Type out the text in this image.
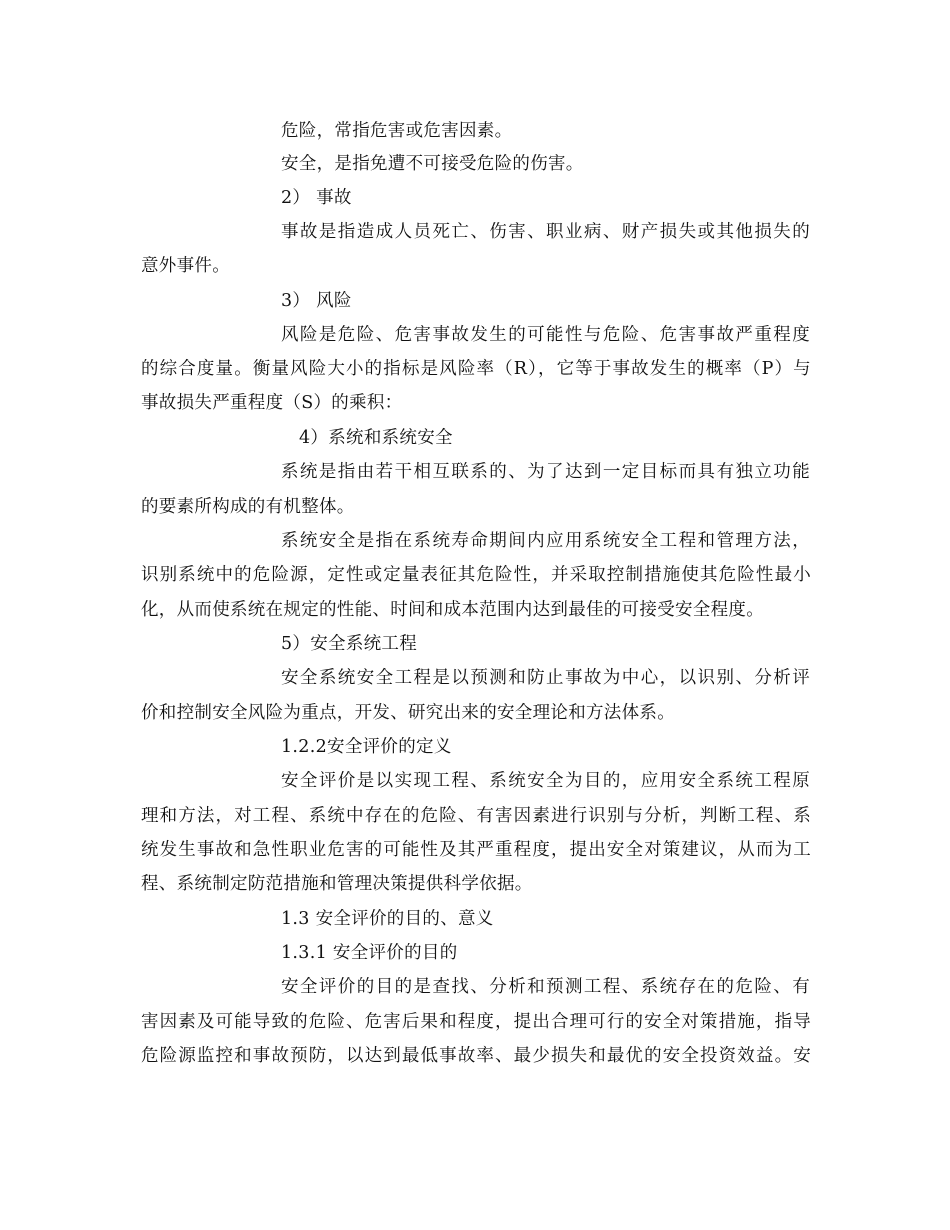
危险，常指危害或危害因素。
安全，是指免遭不可接受危险的伤害。
2） 事故
事故是指造成人员死亡、伤害、职业病、财产损失或其他损失的
意外事件。
3） 风险
风险是危险、危害事故发生的可能性与危险、危害事故严重程度
的综合度量。衡量风险大小的指标是风险率（R），它等于事故发生的概率（P）与
事故损失严重程度（S）的乘积：
4）系统和系统安全
系统是指由若干相互联系的、为了达到一定目标而具有独立功能
的要素所构成的有机整体。
系统安全是指在系统寿命期间内应用系统安全工程和管理方法，
识别系统中的危险源，定性或定量表征其危险性，并采取控制措施使其危险性最小
化，从而使系统在规定的性能、时间和成本范围内达到最佳的可接受安全程度。
5）安全系统工程
安全系统安全工程是以预测和防止事故为中心，以识别、分析评
价和控制安全风险为重点，开发、研究出来的安全理论和方法体系。
1.2.2安全评价的定义
安全评价是以实现工程、系统安全为目的，应用安全系统工程原
理和方法，对工程、系统中存在的危险、有害因素进行识别与分析，判断工程、系
统发生事故和急性职业危害的可能性及其严重程度，提出安全对策建议，从而为工
程、系统制定防范措施和管理决策提供科学依据。
1.3 安全评价的目的、意义
1.3.1 安全评价的目的
安全评价的目的是查找、分析和预测工程、系统存在的危险、有
害因素及可能导致的危险、危害后果和程度，提出合理可行的安全对策措施，指导
危险源监控和事故预防，以达到最低事故率、最少损失和最优的安全投资效益。安
